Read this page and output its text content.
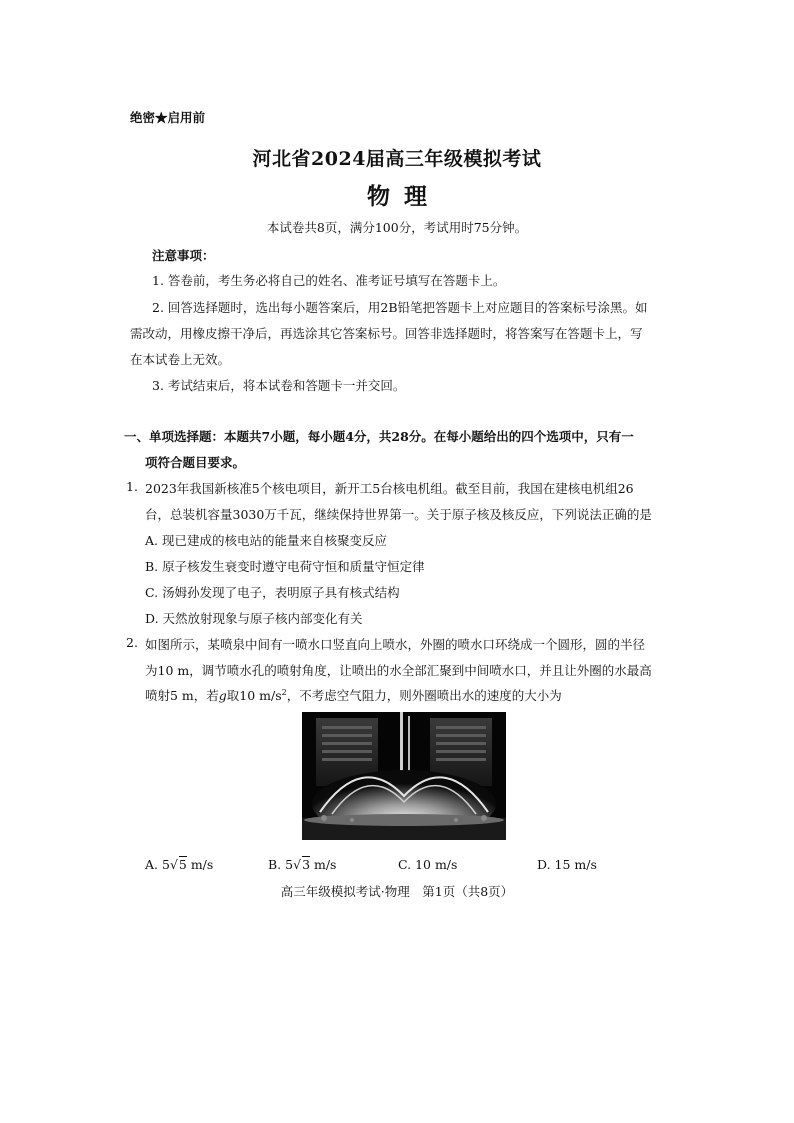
绝密★启用前
河北省2024届高三年级模拟考试
物理
本试卷共8页，满分100分，考试用时75分钟。
注意事项：
1. 答卷前，考生务必将自己的姓名、准考证号填写在答题卡上。
2. 回答选择题时，选出每小题答案后，用2B铅笔把答题卡上对应题目的答案标号涂黑。如
需改动，用橡皮擦干净后，再选涂其它答案标号。回答非选择题时，将答案写在答题卡上，写
在本试卷上无效。
3. 考试结束后，将本试卷和答题卡一并交回。
一、单项选择题：本题共7小题，每小题4分，共28分。在每小题给出的四个选项中，只有一
项符合题目要求。
1. 2023年我国新核准5个核电项目，新开工5台核电机组。截至目前，我国在建核电机组26
台，总装机容量3030万千瓦，继续保持世界第一。关于原子核及核反应，下列说法正确的是
A. 现已建成的核电站的能量来自核聚变反应
B. 原子核发生衰变时遵守电荷守恒和质量守恒定律
C. 汤姆孙发现了电子，表明原子具有核式结构
D. 天然放射现象与原子核内部变化有关
2. 如图所示，某喷泉中间有一喷水口竖直向上喷水，外圈的喷水口环绕成一个圆形，圆的半径
为10 m，调节喷水孔的喷射角度，让喷出的水全部汇聚到中间喷水口，并且让外圈的水最高
喷射5 m，若g取10 $m/s^2$，不考虑空气阻力，则外圈喷出水的速度的大小为
A. 5√5 m/s	B. 5√3 m/s	C. 10 m/s	D. 15 m/s
高三年级模拟考试·物理　第1页（共8页）
